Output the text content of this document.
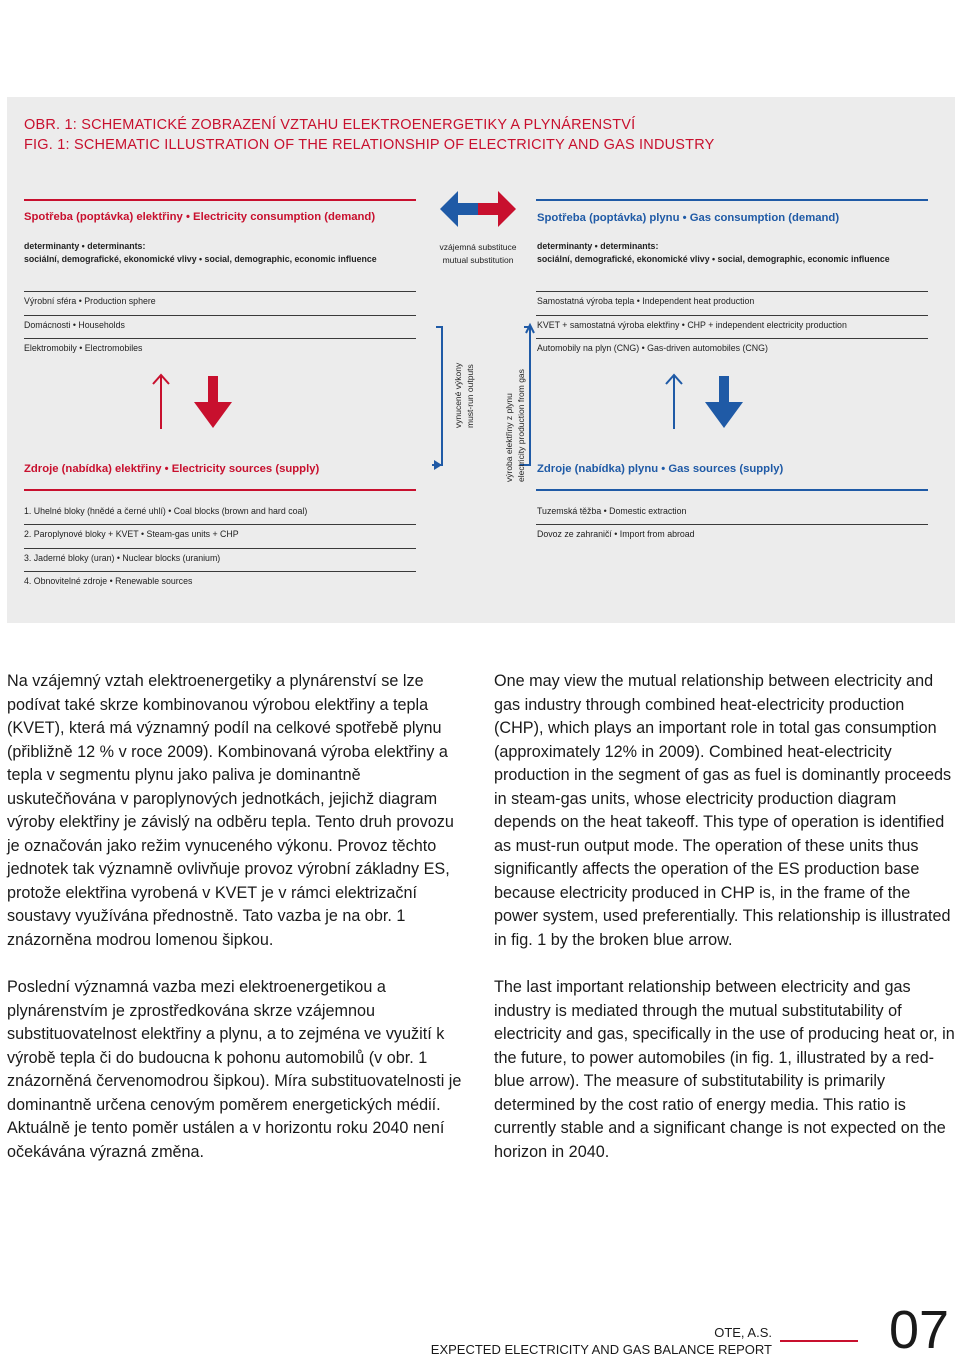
OBR. 1: SCHEMATICKÉ ZOBRAZENÍ VZTAHU ELEKTROENERGETIKY A PLYNÁRENSTVÍ
FIG. 1: SCHEMATIC ILLUSTRATION OF THE RELATIONSHIP OF ELECTRICITY AND GAS INDUSTRY
Spotřeba (poptávka) elektřiny • Electricity consumption (demand)
determinanty • determinants:
sociální, demografické, ekonomické vlivy • social, demographic, economic influence
Spotřeba (poptávka) plynu • Gas consumption (demand)
determinanty • determinants:
sociální, demografické, ekonomické vlivy • social, demographic, economic influence
vzájemná substituce
mutual substitution
Výrobní sféra • Production sphere
Domácnosti • Households
Elektromobily • Electromobiles
Samostatná výroba tepla • Independent heat production
KVET + samostatná výroba elektřiny • CHP + independent electricity production
Automobily na plyn (CNG) • Gas-driven automobiles (CNG)
vynucené výkony must-run outputs	výroba elektřiny z plynu electricity production from gas
Zdroje (nabídka) elektřiny • Electricity sources (supply)
1. Uhelné bloky (hnědé a černé uhlí) • Coal blocks (brown and hard coal)
2. Paroplynové bloky + KVET • Steam-gas units + CHP
3. Jaderné bloky (uran) • Nuclear blocks (uranium)
4. Obnovitelné zdroje • Renewable sources
Zdroje (nabídka) plynu • Gas sources (supply)
Tuzemská těžba • Domestic extraction
Dovoz ze zahraničí • Import from abroad

Na vzájemný vztah elektroenergetiky a plynárenství se lze podívat také skrze kombinovanou výrobou elektřiny a tepla (KVET), která má významný podíl na celkové spotřebě plynu (přibližně 12 % v roce 2009). Kombinovaná výroba elektřiny a tepla v segmentu plynu jako paliva je dominantně uskutečňována v paroplynových jednotkách, jejichž diagram výroby elektřiny je závislý na odběru tepla. Tento druh provozu je označován jako režim vynuceného výkonu. Provoz těchto jednotek tak významně ovlivňuje provoz výrobní základny ES, protože elektřina vyrobená v KVET je v rámci elektrizační soustavy využívána přednostně. Tato vazba je na obr. 1 znázorněna modrou lomenou šipkou.

Poslední významná vazba mezi elektroenergetikou a plynárenstvím je zprostředkována skrze vzájemnou substituovatelnost elektřiny a plynu, a to zejména ve využití k výrobě tepla či do budoucna k pohonu automobilů (v obr. 1 znázorněná červenomodrou šipkou). Míra substituovatelnosti je dominantně určena cenovým poměrem energetických médií. Aktuálně je tento poměr ustálen a v horizontu roku 2040 není očekávána výrazná změna.

One may view the mutual relationship between electricity and gas industry through combined heat-electricity production (CHP), which plays an important role in total gas consumption (approximately 12% in 2009). Combined heat-electricity production in the segment of gas as fuel is dominantly proceeds in steam-gas units, whose electricity production diagram depends on the heat takeoff. This type of operation is identified as must-run output mode. The operation of these units thus significantly affects the operation of the ES production base because electricity produced in CHP is, in the frame of the power system, used preferentially. This relationship is illustrated in fig. 1 by the broken blue arrow.

The last important relationship between electricity and gas industry is mediated through the mutual substitutability of electricity and gas, specifically in the use of producing heat or, in the future, to power automobiles (in fig. 1, illustrated by a red-blue arrow). The measure of substitutability is primarily determined by the cost ratio of energy media. This ratio is currently stable and a significant change is not expected on the horizon in 2040.

OTE, A.S.
EXPECTED ELECTRICITY AND GAS BALANCE REPORT 07
